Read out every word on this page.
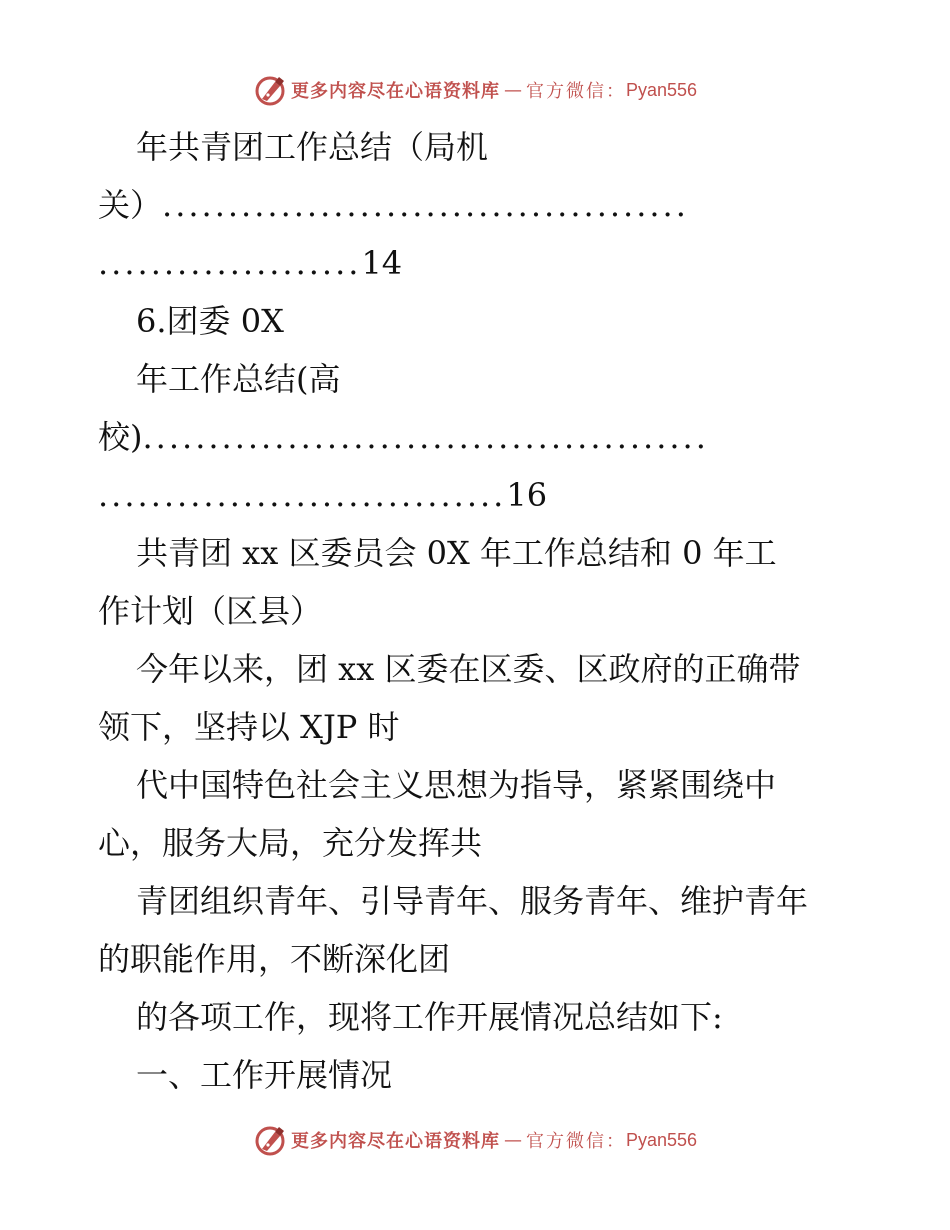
更多内容尽在心语资料库 — 官方微信： Pyan556
年共青团工作总结（局机
关）........................................
....................14
6.团委 0X
年工作总结(高
校)...........................................
...............................16
共青团 xx 区委员会 0X 年工作总结和 0 年工
作计划（区县）
今年以来，团 xx 区委在区委、区政府的正确带
领下，坚持以 XJP 时
代中国特色社会主义思想为指导，紧紧围绕中
心，服务大局，充分发挥共
青团组织青年、引导青年、服务青年、维护青年
的职能作用，不断深化团
的各项工作，现将工作开展情况总结如下:
一、工作开展情况
更多内容尽在心语资料库 — 官方微信： Pyan556
